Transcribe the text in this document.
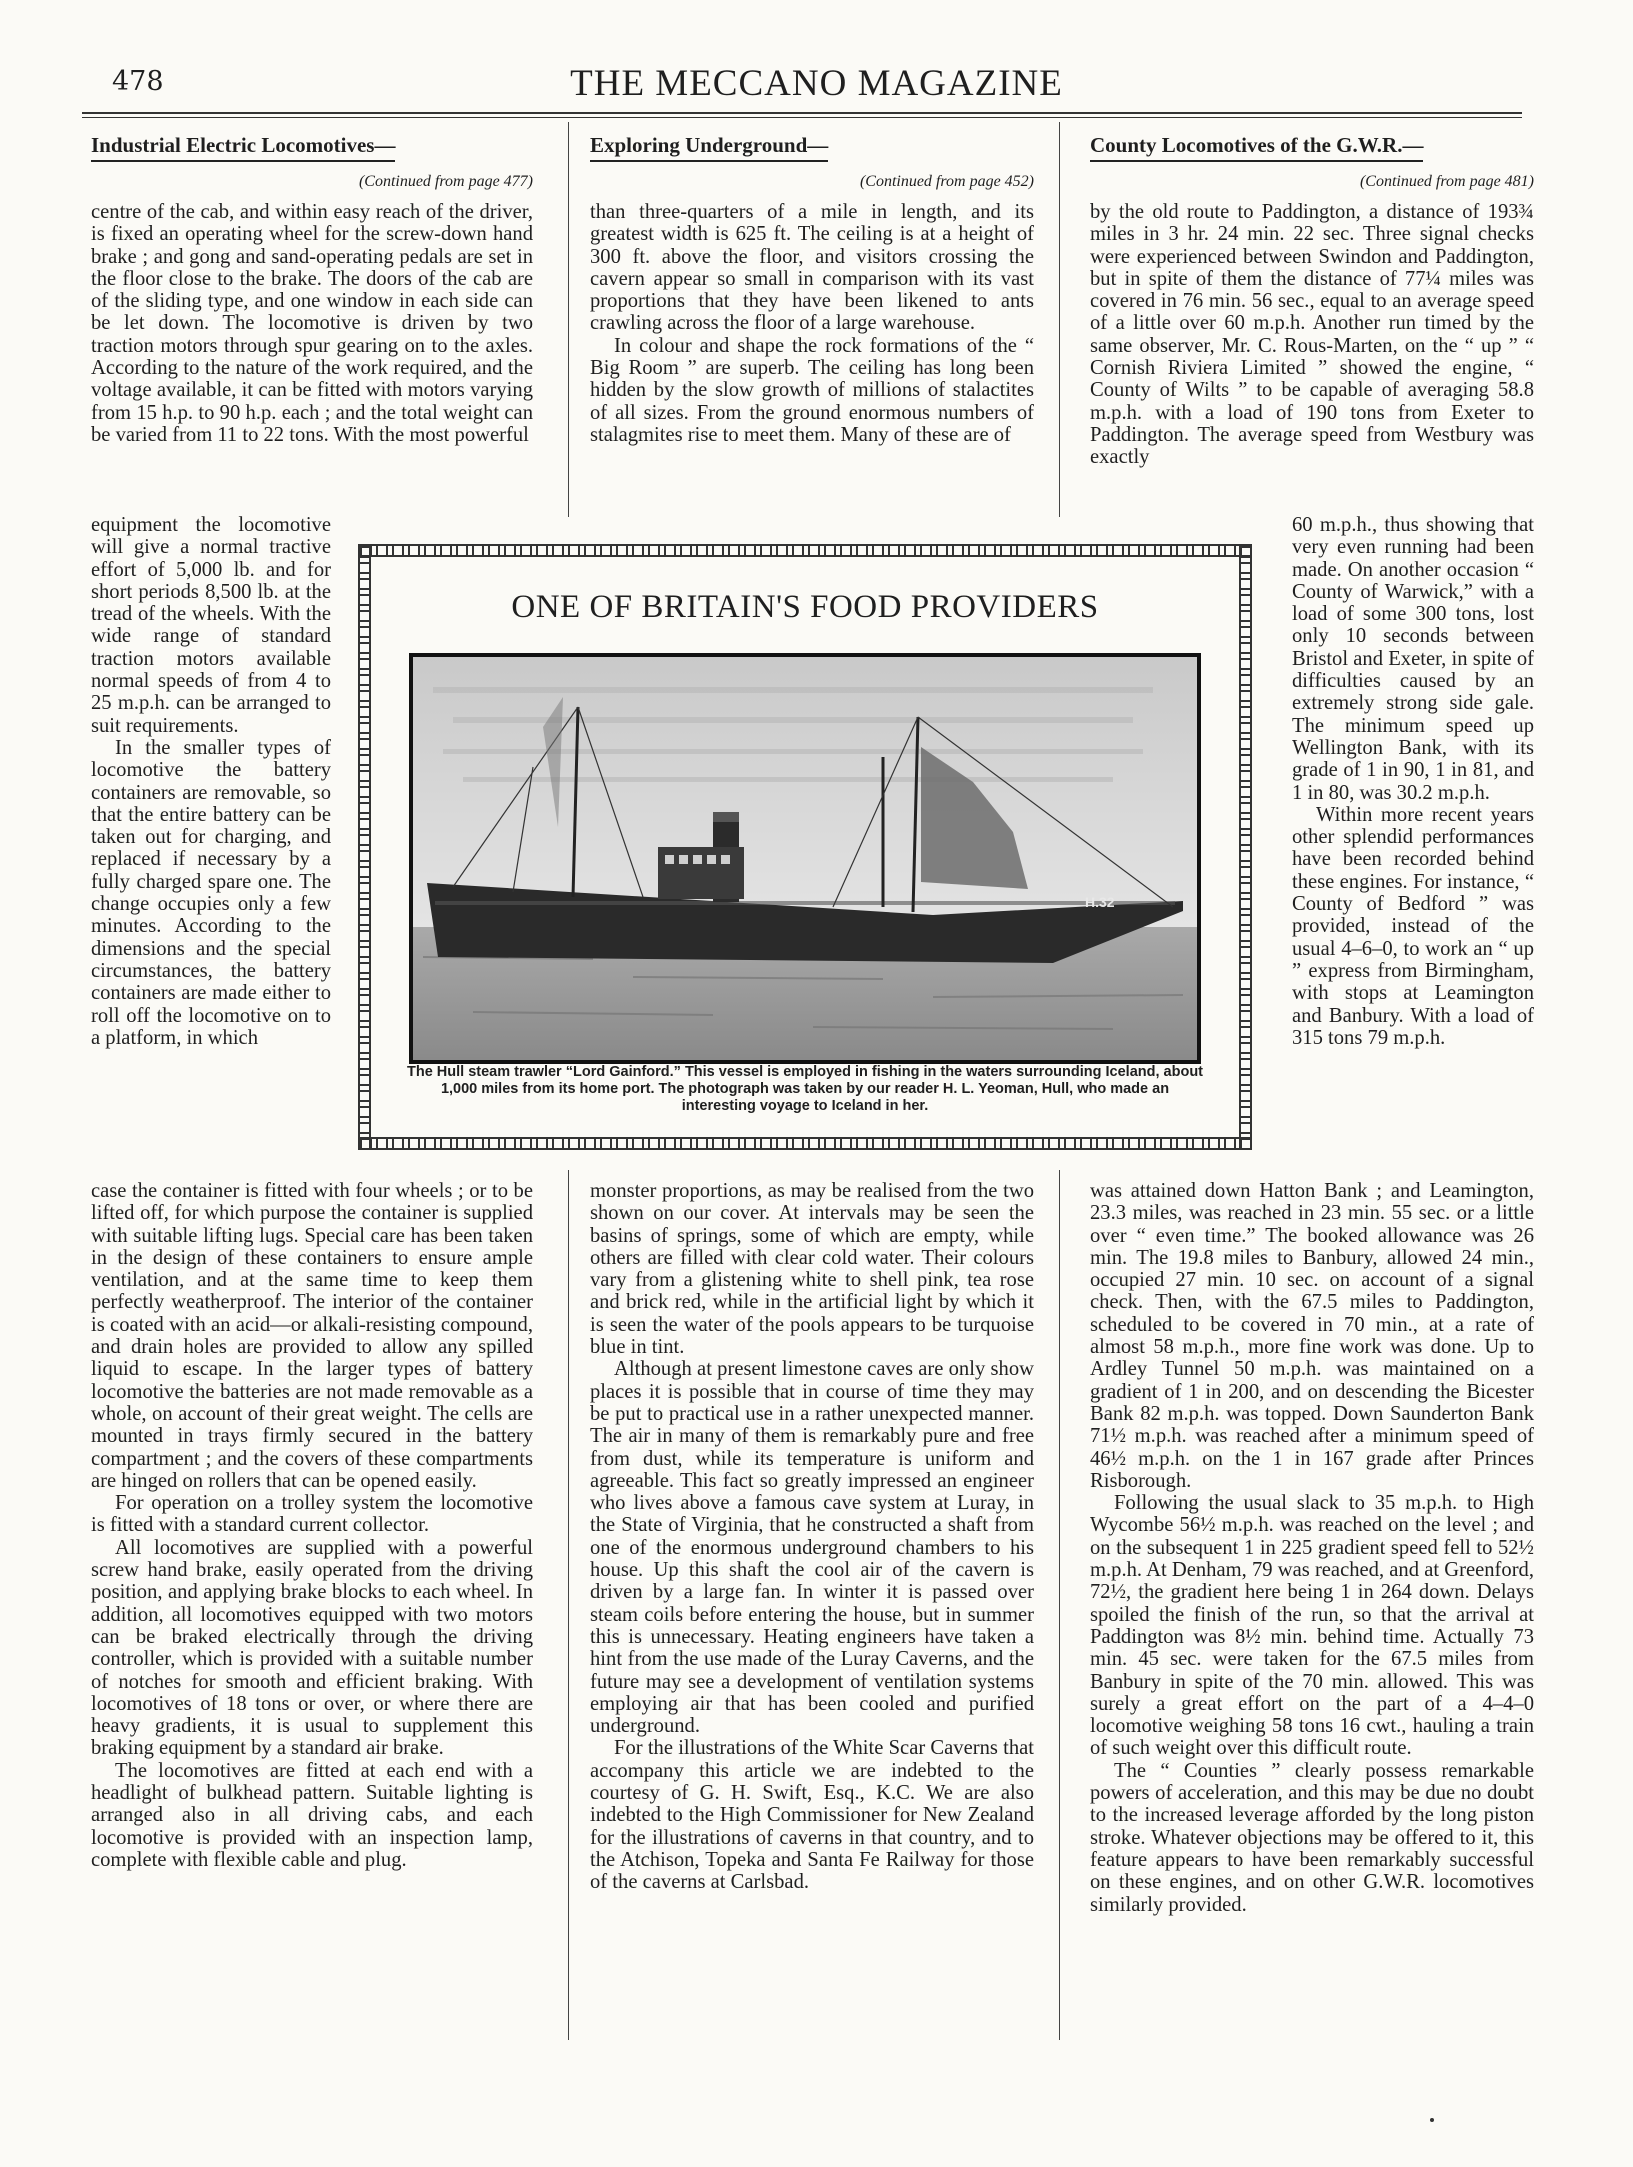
478	THE MECCANO MAGAZINE
Industrial Electric Locomotives—
(Continued from page 477)

centre of the cab, and within easy reach of the driver, is fixed an operating wheel for the screw-down hand brake ; and gong and sand-operating pedals are set in the floor close to the brake. The doors of the cab are of the sliding type, and one window in each side can be let down. The locomotive is driven by two traction motors through spur gearing on to the axles. According to the nature of the work required, and the voltage available, it can be fitted with motors varying from 15 h.p. to 90 h.p. each ; and the total weight can be varied from 11 to 22 tons. With the most powerful

equipment the locomotive will give a normal tractive effort of 5,000 lb. and for short periods 8,500 lb. at the tread of the wheels. With the wide range of standard traction motors available normal speeds of from 4 to 25 m.p.h. can be arranged to suit requirements.

In the smaller types of locomotive the battery containers are removable, so that the entire battery can be taken out for charging, and replaced if necessary by a fully charged spare one. The change occupies only a few minutes. According to the dimensions and the special circumstances, the battery containers are made either to roll off the locomotive on to a platform, in which

case the container is fitted with four wheels ; or to be lifted off, for which purpose the container is supplied with suitable lifting lugs. Special care has been taken in the design of these containers to ensure ample ventilation, and at the same time to keep them perfectly weatherproof. The interior of the container is coated with an acid—or alkali-resisting compound, and drain holes are provided to allow any spilled liquid to escape. In the larger types of battery locomotive the batteries are not made removable as a whole, on account of their great weight. The cells are mounted in trays firmly secured in the battery compartment ; and the covers of these compartments are hinged on rollers that can be opened easily.

For operation on a trolley system the locomotive is fitted with a standard current collector.

All locomotives are supplied with a powerful screw hand brake, easily operated from the driving position, and applying brake blocks to each wheel. In addition, all locomotives equipped with two motors can be braked electrically through the driving controller, which is provided with a suitable number of notches for smooth and efficient braking. With locomotives of 18 tons or over, or where there are heavy gradients, it is usual to supplement this braking equipment by a standard air brake.

The locomotives are fitted at each end with a headlight of bulkhead pattern. Suitable lighting is arranged also in all driving cabs, and each locomotive is provided with an inspection lamp, complete with flexible cable and plug.

Exploring Underground—
(Continued from page 452)

than three-quarters of a mile in length, and its greatest width is 625 ft. The ceiling is at a height of 300 ft. above the floor, and visitors crossing the cavern appear so small in comparison with its vast proportions that they have been likened to ants crawling across the floor of a large warehouse.

In colour and shape the rock formations of the “ Big Room ” are superb. The ceiling has long been hidden by the slow growth of millions of stalactites of all sizes. From the ground enormous numbers of stalagmites rise to meet them. Many of these are of

monster proportions, as may be realised from the two shown on our cover. At intervals may be seen the basins of springs, some of which are empty, while others are filled with clear cold water. Their colours vary from a glistening white to shell pink, tea rose and brick red, while in the artificial light by which it is seen the water of the pools appears to be turquoise blue in tint.

Although at present limestone caves are only show places it is possible that in course of time they may be put to practical use in a rather unexpected manner. The air in many of them is remarkably pure and free from dust, while its temperature is uniform and agreeable. This fact so greatly impressed an engineer who lives above a famous cave system at Luray, in the State of Virginia, that he constructed a shaft from one of the enormous underground chambers to his house. Up this shaft the cool air of the cavern is driven by a large fan. In winter it is passed over steam coils before entering the house, but in summer this is unnecessary. Heating engineers have taken a hint from the use made of the Luray Caverns, and the future may see a development of ventilation systems employing air that has been cooled and purified underground.

For the illustrations of the White Scar Caverns that accompany this article we are indebted to the courtesy of G. H. Swift, Esq., K.C. We are also indebted to the High Commissioner for New Zealand for the illustrations of caverns in that country, and to the Atchison, Topeka and Santa Fe Railway for those of the caverns at Carlsbad.

County Locomotives of the G.W.R.—
(Continued from page 481)

by the old route to Paddington, a distance of 193¾ miles in 3 hr. 24 min. 22 sec. Three signal checks were experienced between Swindon and Paddington, but in spite of them the distance of 77¼ miles was covered in 76 min. 56 sec., equal to an average speed of a little over 60 m.p.h. Another run timed by the same observer, Mr. C. Rous-Marten, on the “ up ” “ Cornish Riviera Limited ” showed the engine, “ County of Wilts ” to be capable of averaging 58.8 m.p.h. with a load of 190 tons from Exeter to Paddington. The average speed from Westbury was exactly

60 m.p.h., thus showing that very even running had been made. On another occasion “ County of Warwick,” with a load of some 300 tons, lost only 10 seconds between Bristol and Exeter, in spite of difficulties caused by an extremely strong side gale. The minimum speed up Wellington Bank, with its grade of 1 in 90, 1 in 81, and 1 in 80, was 30.2 m.p.h.

Within more recent years other splendid performances have been recorded behind these engines. For instance, “ County of Bedford ” was provided, instead of the usual 4–6–0, to work an “ up ” express from Birmingham, with stops at Leamington and Banbury. With a load of 315 tons 79 m.p.h.

was attained down Hatton Bank ; and Leamington, 23.3 miles, was reached in 23 min. 55 sec. or a little over “ even time.” The booked allowance was 26 min. The 19.8 miles to Banbury, allowed 24 min., occupied 27 min. 10 sec. on account of a signal check. Then, with the 67.5 miles to Paddington, scheduled to be covered in 70 min., at a rate of almost 58 m.p.h., more fine work was done. Up to Ardley Tunnel 50 m.p.h. was maintained on a gradient of 1 in 200, and on descending the Bicester Bank 82 m.p.h. was topped. Down Saunderton Bank 71½ m.p.h. was reached after a minimum speed of 46½ m.p.h. on the 1 in 167 grade after Princes Risborough.

Following the usual slack to 35 m.p.h. to High Wycombe 56½ m.p.h. was reached on the level ; and on the subsequent 1 in 225 gradient speed fell to 52½ m.p.h. At Denham, 79 was reached, and at Greenford, 72½, the gradient here being 1 in 264 down. Delays spoiled the finish of the run, so that the arrival at Paddington was 8½ min. behind time. Actually 73 min. 45 sec. were taken for the 67.5 miles from Banbury in spite of the 70 min. allowed. This was surely a great effort on the part of a 4–4–0 locomotive weighing 58 tons 16 cwt., hauling a train of such weight over this difficult route.

The “ Counties ” clearly possess remarkable powers of acceleration, and this may be due no doubt to the increased leverage afforded by the long piston stroke. Whatever objections may be offered to it, this feature appears to have been remarkably successful on these engines, and on other G.W.R. locomotives similarly provided.

ONE OF BRITAIN'S FOOD PROVIDERS
H.32
The Hull steam trawler “Lord Gainford.” This vessel is employed in fishing in the waters surrounding Iceland, about 1,000 miles from its home port. The photograph was taken by our reader H. L. Yeoman, Hull, who made an interesting voyage to Iceland in her.
